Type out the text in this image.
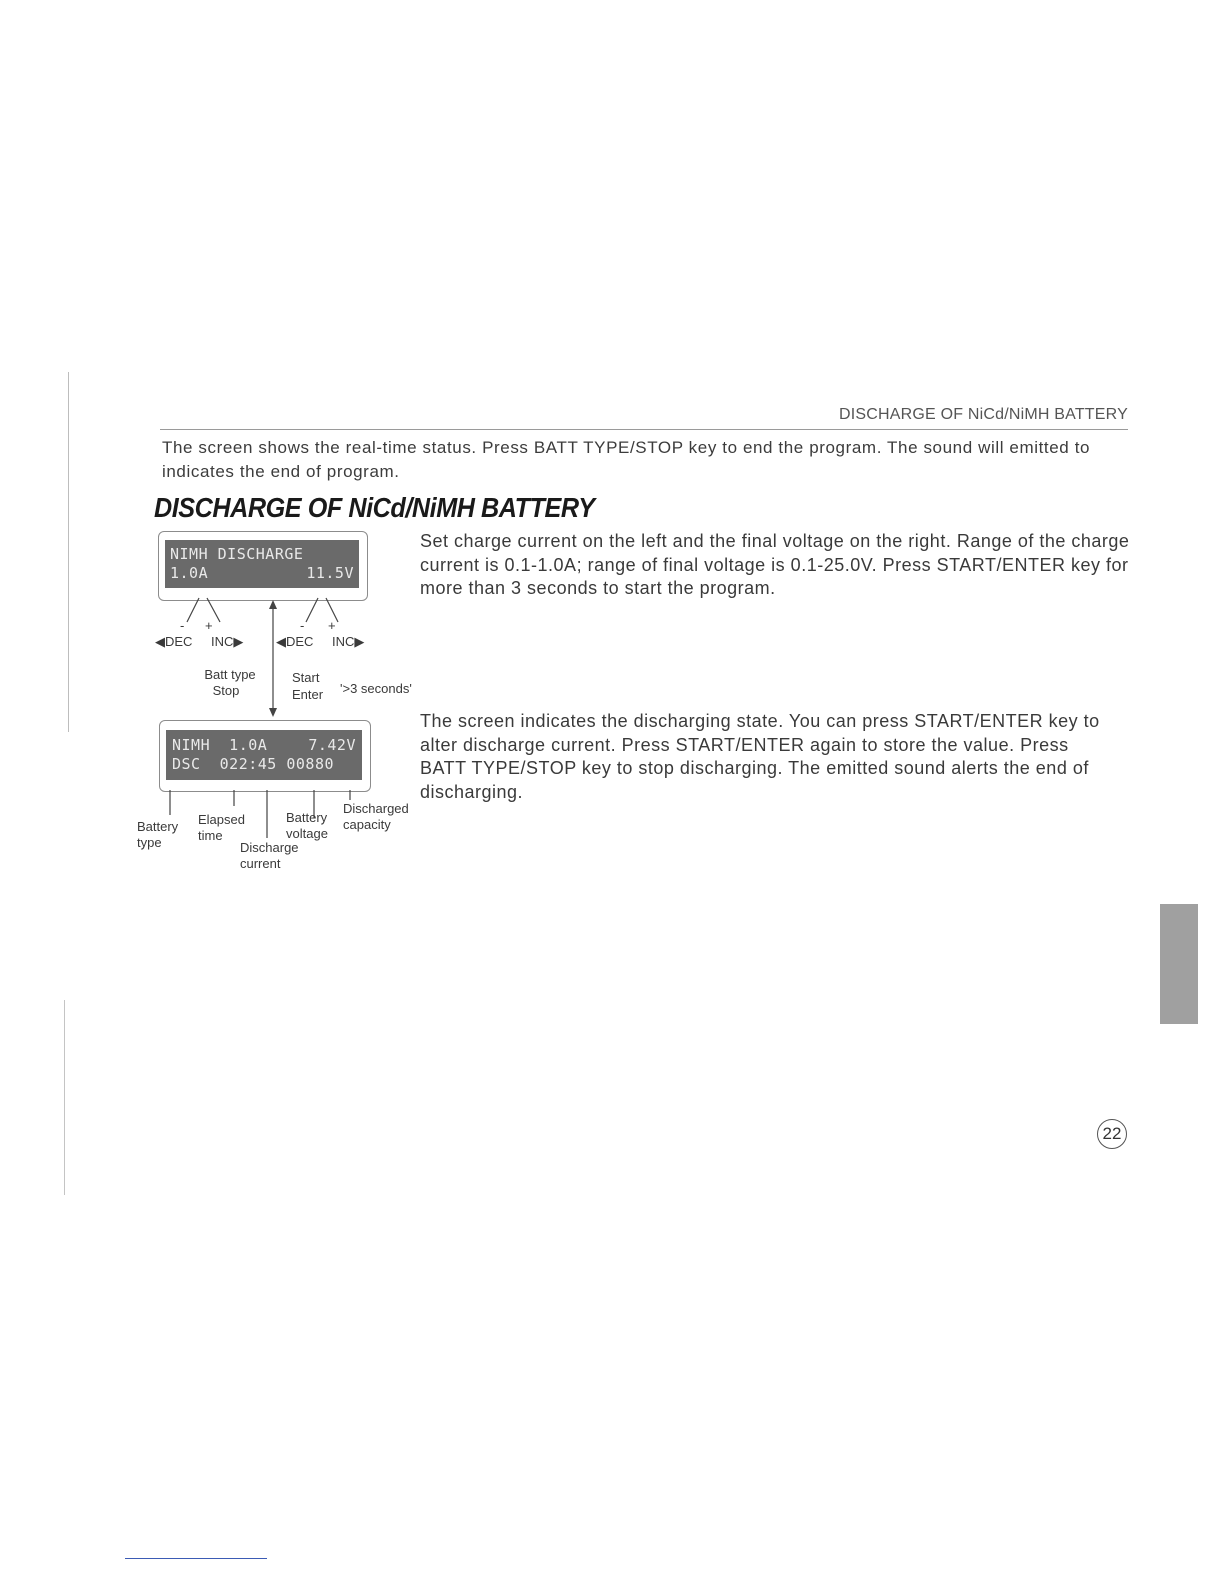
DISCHARGE OF NiCd/NiMH BATTERY
The screen shows the real-time status. Press BATT TYPE/STOP key to end the program. The sound will emitted to indicates the end of program.
DISCHARGE OF NiCd/NiMH BATTERY
Set charge current on the left and the final voltage on the right. Range of the charge current is 0.1-1.0A; range of final voltage is 0.1-25.0V. Press START/ENTER key for more than 3 seconds to start the program.
The screen indicates the discharging state. You can press START/ENTER key to alter discharge current. Press START/ENTER again to store the value. Press BATT TYPE/STOP key to stop discharging. The emitted sound alerts the end of discharging.
NIMH DISCHARGE
1.0A	11.5V
NIMH  1.0A	7.42V
DSC  022:45 00880
- +	- +
◀DEC INC▶	◀DEC INC▶
Batt type
Stop
Start
Enter '>3 seconds'
Battery
type
Elapsed
time
Discharge
current
Battery
voltage
Discharged
capacity
22
